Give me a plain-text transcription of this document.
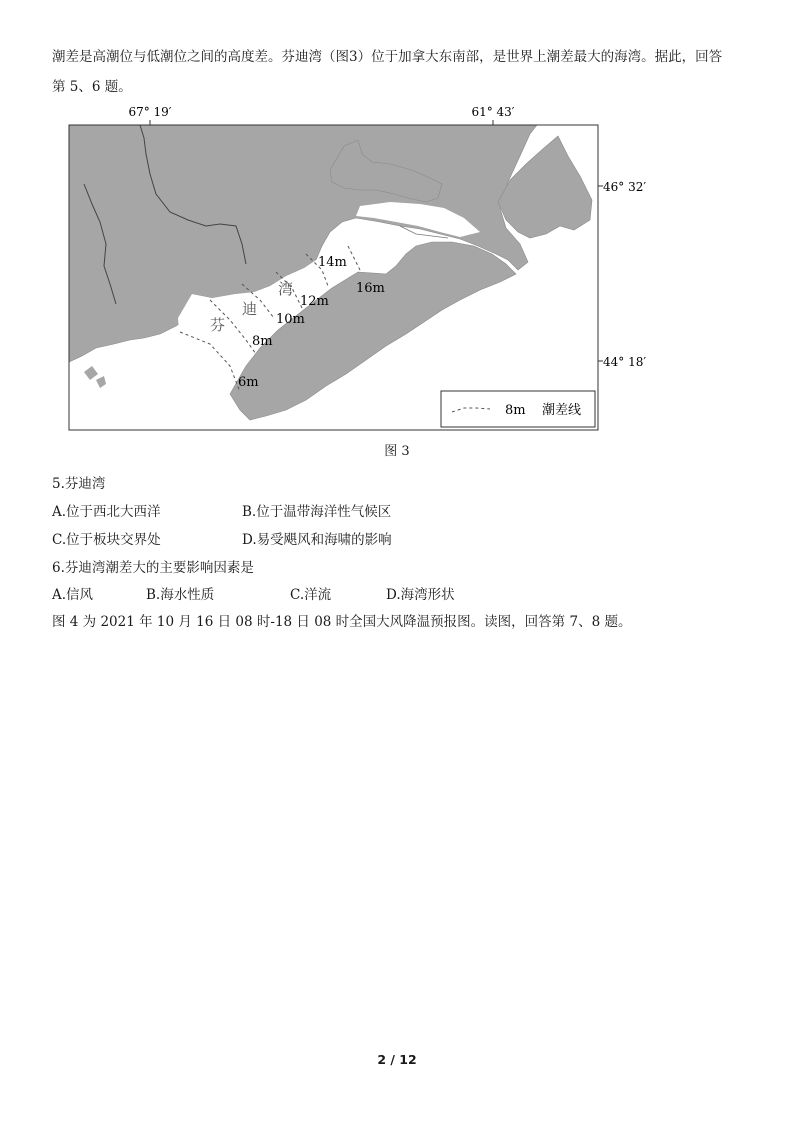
潮差是高潮位与低潮位之间的高度差。芬迪湾（图3）位于加拿大东南部，是世界上潮差最大的海湾。据此，回答
第 5、6 题。
67° 19′	61° 43′
46° 32′
44° 18′
芬
迪
湾
14m
16m
12m
10m
8m
6m
8m 潮差线
图 3
5.芬迪湾
A.位于西北大西洋	B.位于温带海洋性气候区
C.位于板块交界处	D.易受飓风和海啸的影响
6.芬迪湾潮差大的主要影响因素是
A.信风	B.海水性质	C.洋流	D.海湾形状
图 4 为 2021 年 10 月 16 日 08 时-18 日 08 时全国大风降温预报图。读图，回答第 7、8 题。
2 / 12
